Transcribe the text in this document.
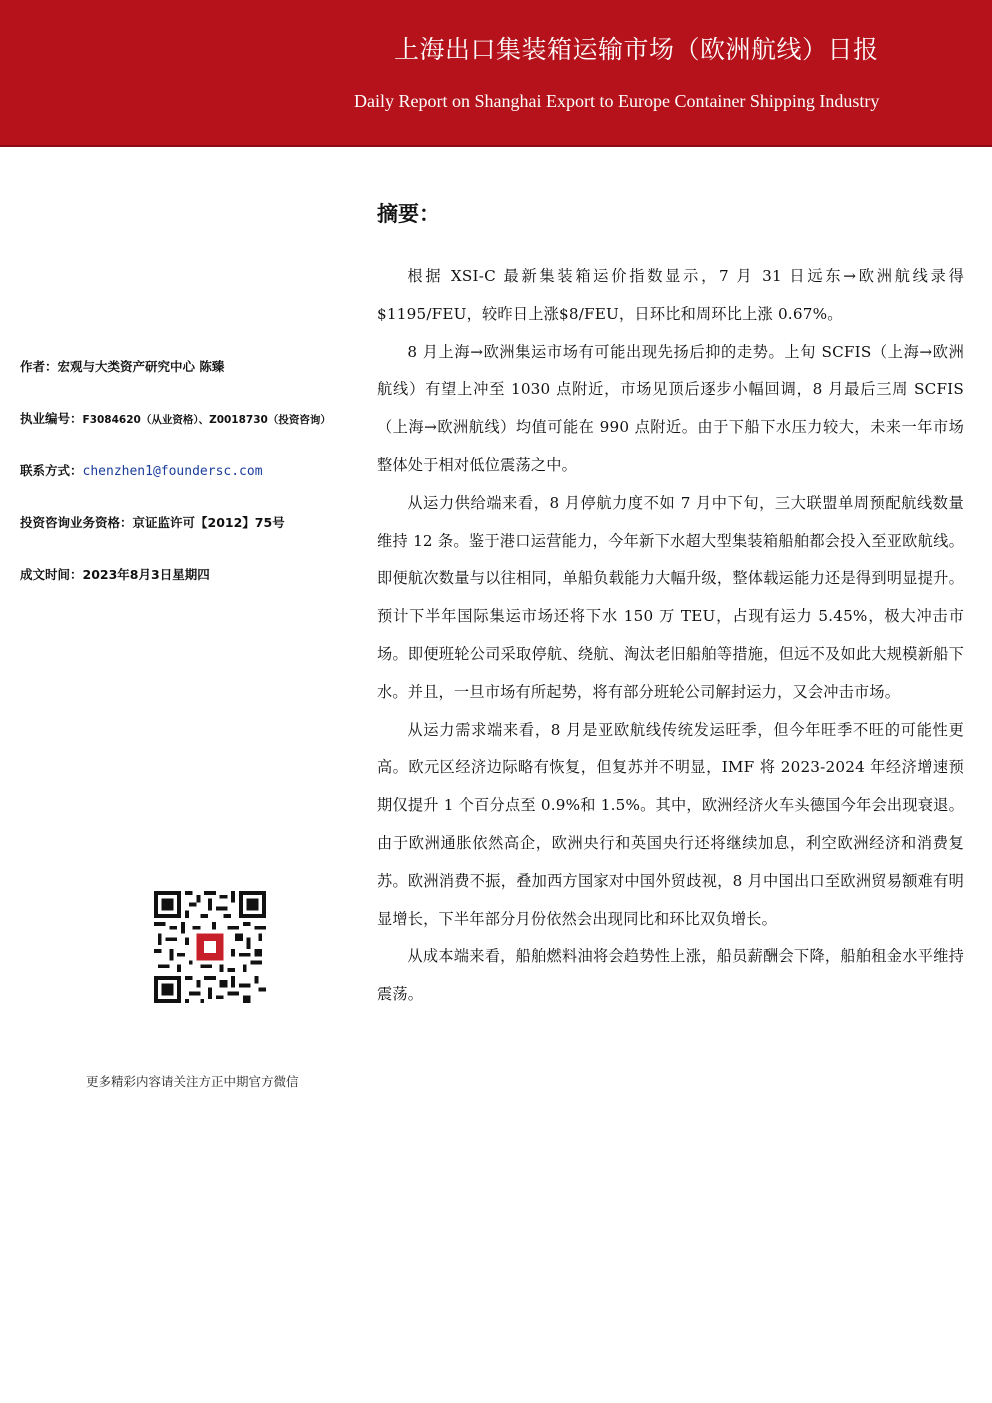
上海出口集装箱运输市场（欧洲航线）日报
Daily Report on Shanghai Export to Europe Container Shipping Industry
作者：宏观与大类资产研究中心 陈臻
执业编号：F3084620（从业资格）、Z0018730（投资咨询）
联系方式：chenzhen1@foundersc.com
投资咨询业务资格：京证监许可【2012】75号
成文时间：2023年8月3日星期四
更多精彩内容请关注方正中期官方微信
摘要：

根据 XSI-C 最新集装箱运价指数显示，7 月 31 日远东→欧洲航线录得$1195/FEU，较昨日上涨$8/FEU，日环比和周环比上涨 0.67%。

8 月上海→欧洲集运市场有可能出现先扬后抑的走势。上旬 SCFIS（上海→欧洲航线）有望上冲至 1030 点附近，市场见顶后逐步小幅回调，8 月最后三周 SCFIS（上海→欧洲航线）均值可能在 990 点附近。由于下船下水压力较大，未来一年市场整体处于相对低位震荡之中。

从运力供给端来看，8 月停航力度不如 7 月中下旬，三大联盟单周预配航线数量维持 12 条。鉴于港口运营能力，今年新下水超大型集装箱船舶都会投入至亚欧航线。即便航次数量与以往相同，单船负载能力大幅升级，整体载运能力还是得到明显提升。预计下半年国际集运市场还将下水 150 万 TEU，占现有运力 5.45%，极大冲击市场。即便班轮公司采取停航、绕航、淘汰老旧船舶等措施，但远不及如此大规模新船下水。并且，一旦市场有所起势，将有部分班轮公司解封运力，又会冲击市场。

从运力需求端来看，8 月是亚欧航线传统发运旺季，但今年旺季不旺的可能性更高。欧元区经济边际略有恢复，但复苏并不明显，IMF 将 2023-2024 年经济增速预期仅提升 1 个百分点至 0.9%和 1.5%。其中，欧洲经济火车头德国今年会出现衰退。由于欧洲通胀依然高企，欧洲央行和英国央行还将继续加息，利空欧洲经济和消费复苏。欧洲消费不振，叠加西方国家对中国外贸歧视，8 月中国出口至欧洲贸易额难有明显增长，下半年部分月份依然会出现同比和环比双负增长。

从成本端来看，船舶燃料油将会趋势性上涨，船员薪酬会下降，船舶租金水平维持震荡。
